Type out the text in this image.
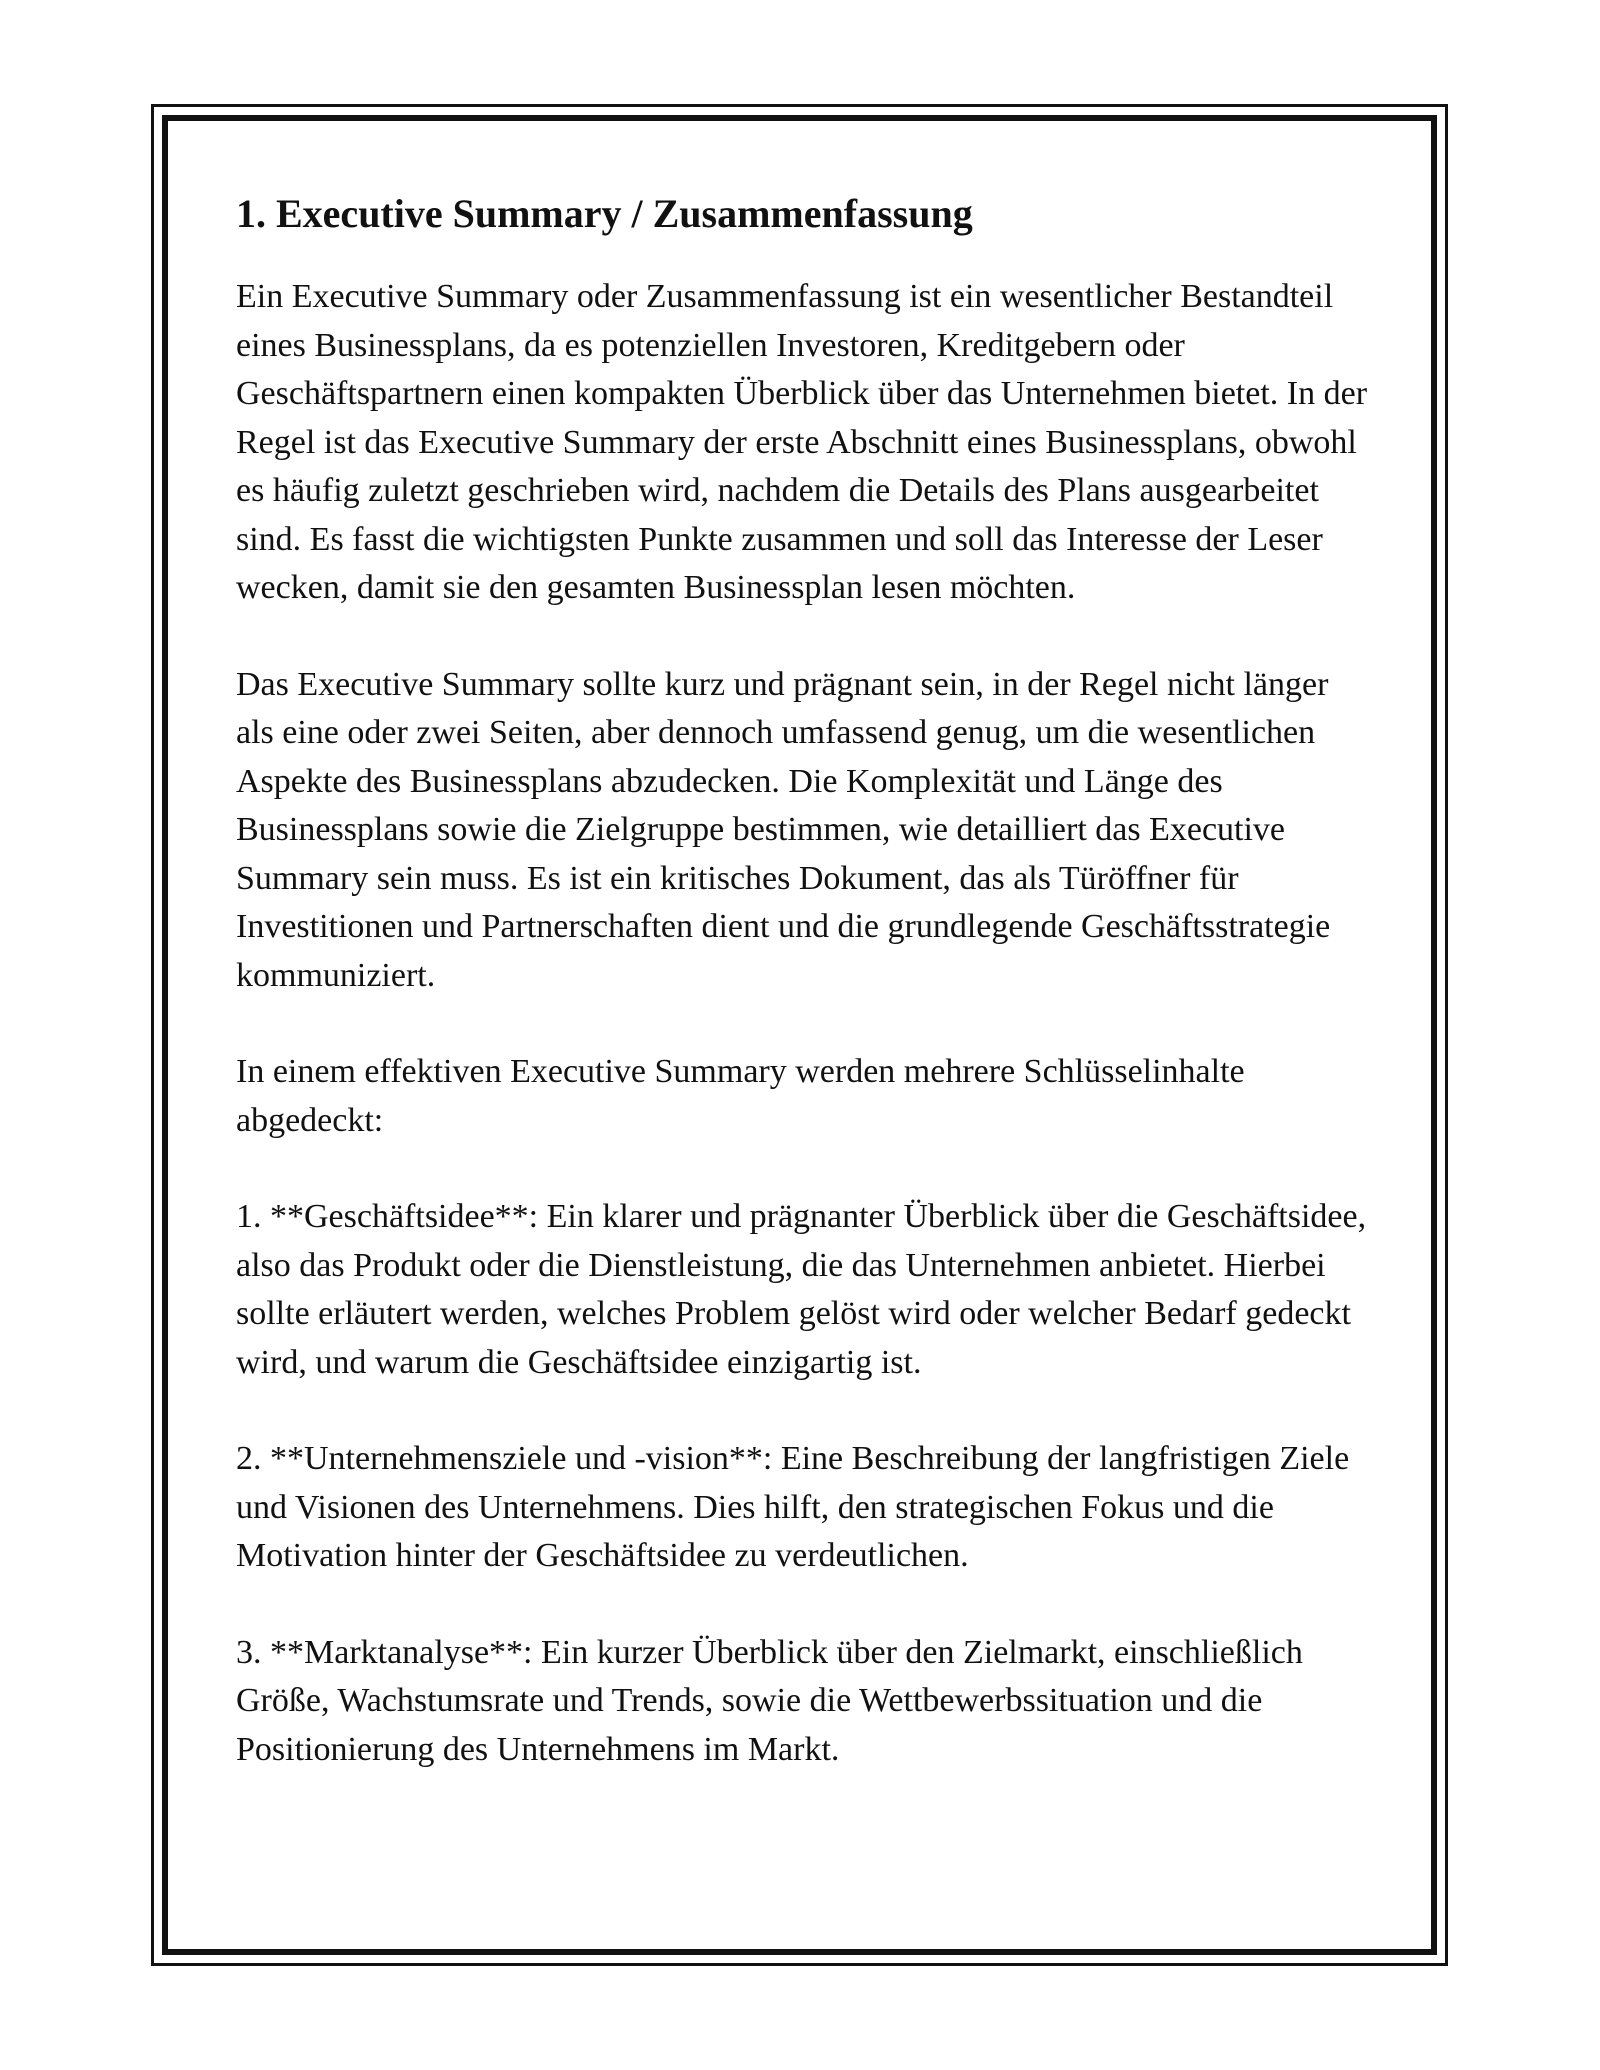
1. Executive Summary / Zusammenfassung

Ein Executive Summary oder Zusammenfassung ist ein wesentlicher Bestandteil eines Businessplans, da es potenziellen Investoren, Kreditgebern oder Geschäftspartnern einen kompakten Überblick über das Unternehmen bietet. In der Regel ist das Executive Summary der erste Abschnitt eines Businessplans, obwohl es häufig zuletzt geschrieben wird, nachdem die Details des Plans ausgearbeitet sind. Es fasst die wichtigsten Punkte zusammen und soll das Interesse der Leser wecken, damit sie den gesamten Businessplan lesen möchten.

Das Executive Summary sollte kurz und prägnant sein, in der Regel nicht länger als eine oder zwei Seiten, aber dennoch umfassend genug, um die wesentlichen Aspekte des Businessplans abzudecken. Die Komplexität und Länge des Businessplans sowie die Zielgruppe bestimmen, wie detailliert das Executive Summary sein muss. Es ist ein kritisches Dokument, das als Türöffner für Investitionen und Partnerschaften dient und die grundlegende Geschäftsstrategie kommuniziert.

In einem effektiven Executive Summary werden mehrere Schlüsselinhalte abgedeckt:

1. **Geschäftsidee**: Ein klarer und prägnanter Überblick über die Geschäftsidee, also das Produkt oder die Dienstleistung, die das Unternehmen anbietet. Hierbei sollte erläutert werden, welches Problem gelöst wird oder welcher Bedarf gedeckt wird, und warum die Geschäftsidee einzigartig ist.

2. **Unternehmensziele und -vision**: Eine Beschreibung der langfristigen Ziele und Visionen des Unternehmens. Dies hilft, den strategischen Fokus und die Motivation hinter der Geschäftsidee zu verdeutlichen.

3. **Marktanalyse**: Ein kurzer Überblick über den Zielmarkt, einschließlich Größe, Wachstumsrate und Trends, sowie die Wettbewerbssituation und die Positionierung des Unternehmens im Markt.
